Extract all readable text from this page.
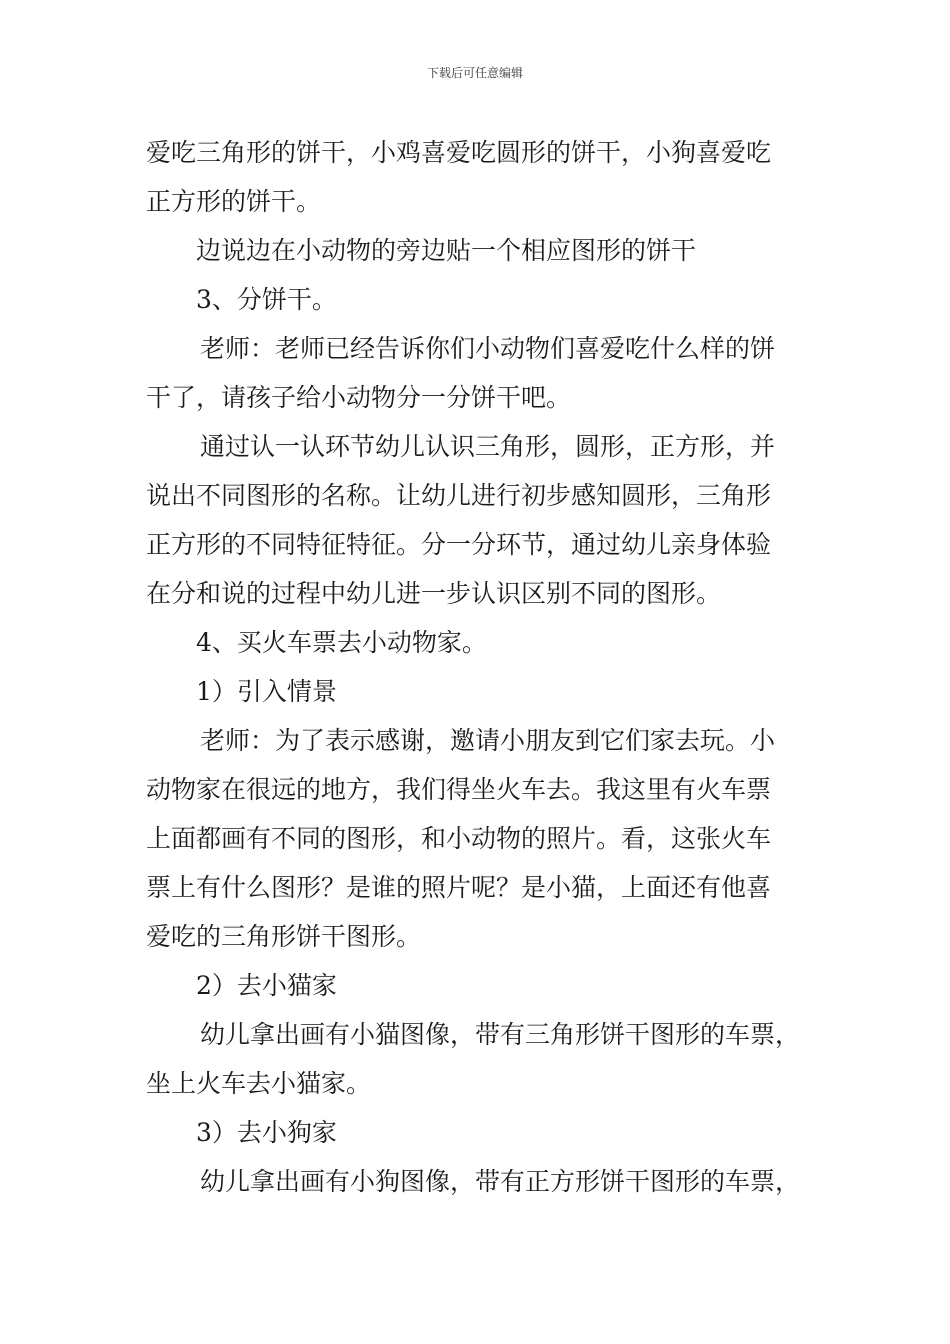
下载后可任意编辑
爱吃三角形的饼干，小鸡喜爱吃圆形的饼干，小狗喜爱吃
正方形的饼干。
边说边在小动物的旁边贴一个相应图形的饼干
3、分饼干。
老师：老师已经告诉你们小动物们喜爱吃什么样的饼
干了，请孩子给小动物分一分饼干吧。
通过认一认环节幼儿认识三角形，圆形，正方形，并
说出不同图形的名称。让幼儿进行初步感知圆形，三角形
正方形的不同特征特征。分一分环节，通过幼儿亲身体验
在分和说的过程中幼儿进一步认识区别不同的图形。
4、买火车票去小动物家。
1）引入情景
老师：为了表示感谢，邀请小朋友到它们家去玩。小
动物家在很远的地方，我们得坐火车去。我这里有火车票
上面都画有不同的图形，和小动物的照片。看，这张火车
票上有什么图形？是谁的照片呢？是小猫，上面还有他喜
爱吃的三角形饼干图形。
2）去小猫家
幼儿拿出画有小猫图像，带有三角形饼干图形的车票，
坐上火车去小猫家。
3）去小狗家
幼儿拿出画有小狗图像，带有正方形饼干图形的车票，
